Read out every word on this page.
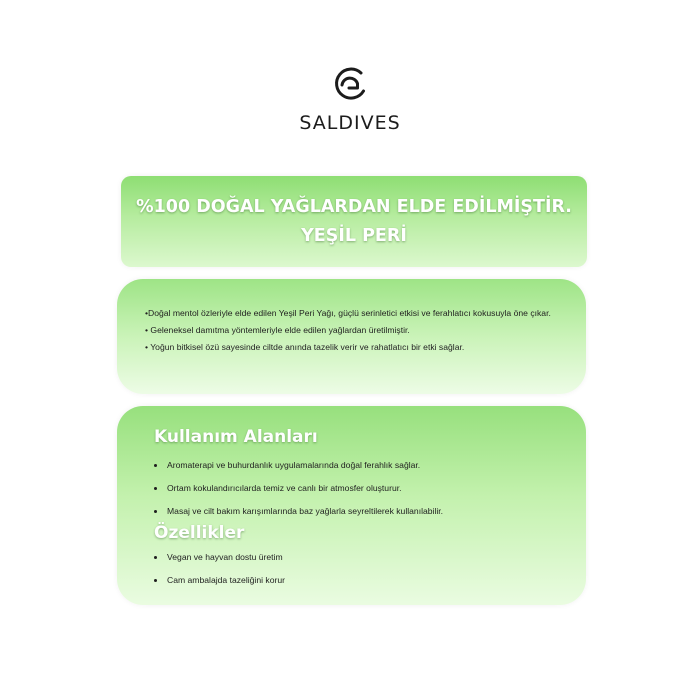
SALDIVES
%100 DOĞAL YAĞLARDAN ELDE EDİLMİŞTİR.
YEŞİL PERİ
•Doğal mentol özleriyle elde edilen Yeşil Peri Yağı, güçlü serinletici etkisi ve ferahlatıcı kokusuyla öne çıkar.
• Geleneksel damıtma yöntemleriyle elde edilen yağlardan üretilmiştir.
• Yoğun bitkisel özü sayesinde ciltde anında tazelik verir ve rahatlatıcı bir etki sağlar.
Kullanım Alanları
Aromaterapi ve buhurdanlık uygulamalarında doğal ferahlık sağlar.
Ortam kokulandırıcılarda temiz ve canlı bir atmosfer oluşturur.
Masaj ve cilt bakım karışımlarında baz yağlarla seyreltilerek kullanılabilir.
Özellikler
Vegan ve hayvan dostu üretim
Cam ambalajda tazeliğini korur
